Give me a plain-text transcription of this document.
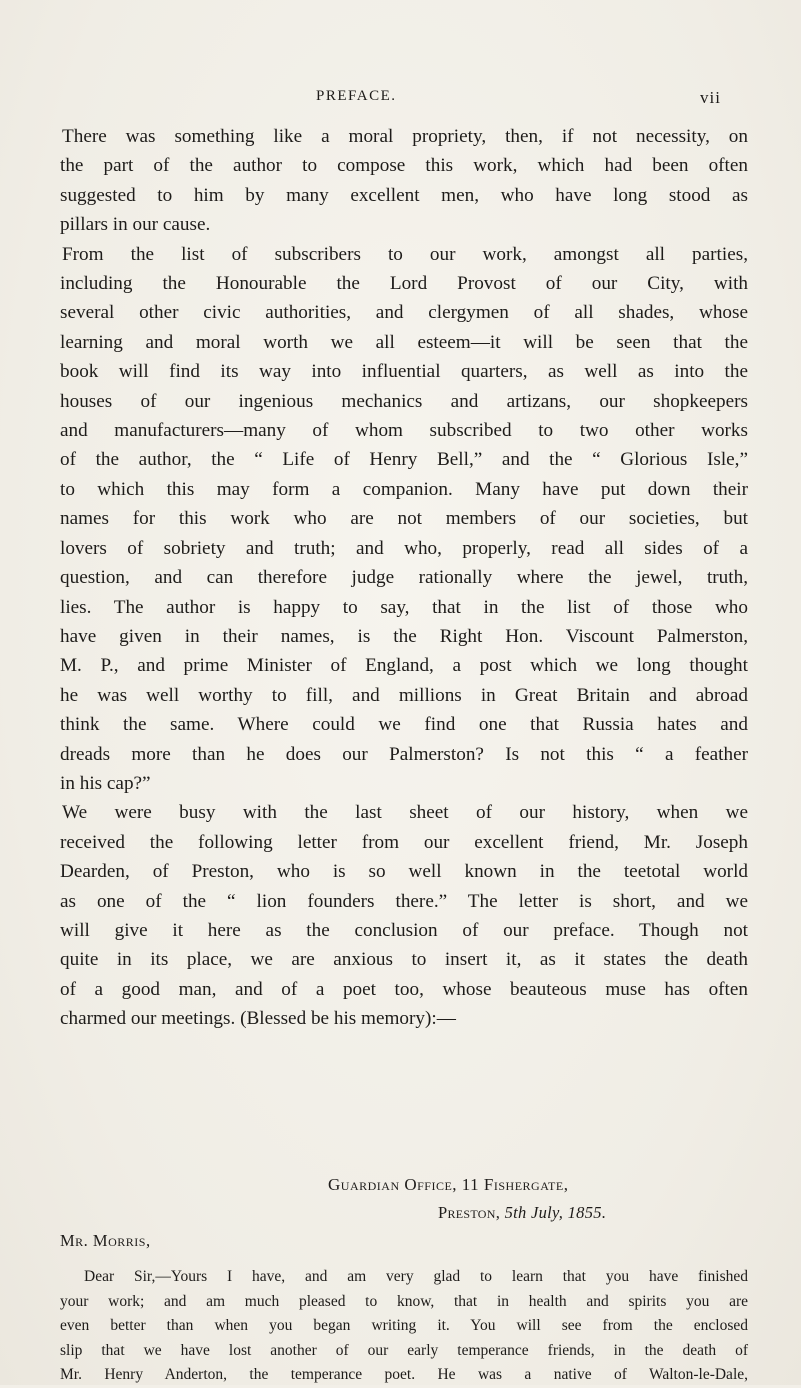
PREFACE.	vii

There was something like a moral propriety, then, if not necessity, on
the part of the author to compose this work, which had been often
suggested to him by many excellent men, who have long stood as
pillars in our cause.

From the list of subscribers to our work, amongst all parties,
including the Honourable the Lord Provost of our City, with
several other civic authorities, and clergymen of all shades, whose
learning and moral worth we all esteem—it will be seen that the
book will find its way into influential quarters, as well as into the
houses of our ingenious mechanics and artizans, our shopkeepers
and manufacturers—many of whom subscribed to two other works
of the author, the “ Life of Henry Bell,” and the “ Glorious Isle,”
to which this may form a companion. Many have put down their
names for this work who are not members of our societies, but
lovers of sobriety and truth; and who, properly, read all sides of a
question, and can therefore judge rationally where the jewel, truth,
lies. The author is happy to say, that in the list of those who
have given in their names, is the Right Hon. Viscount Palmerston,
M. P., and prime Minister of England, a post which we long thought
he was well worthy to fill, and millions in Great Britain and abroad
think the same. Where could we find one that Russia hates and
dreads more than he does our Palmerston? Is not this “ a feather
in his cap?”

We were busy with the last sheet of our history, when we
received the following letter from our excellent friend, Mr. Joseph
Dearden, of Preston, who is so well known in the teetotal world
as one of the “ lion founders there.” The letter is short, and we
will give it here as the conclusion of our preface. Though not
quite in its place, we are anxious to insert it, as it states the death
of a good man, and of a poet too, whose beauteous muse has often
charmed our meetings. (Blessed be his memory):—

Guardian Office, 11 Fishergate,
Preston, 5th July, 1855.
Mr. Morris,
Dear Sir,—Yours I have, and am very glad to learn that you have finished
your work; and am much pleased to know, that in health and spirits you are
even better than when you began writing it. You will see from the enclosed
slip that we have lost another of our early temperance friends, in the death of
Mr. Henry Anderton, the temperance poet. He was a native of Walton-le-Dale,
